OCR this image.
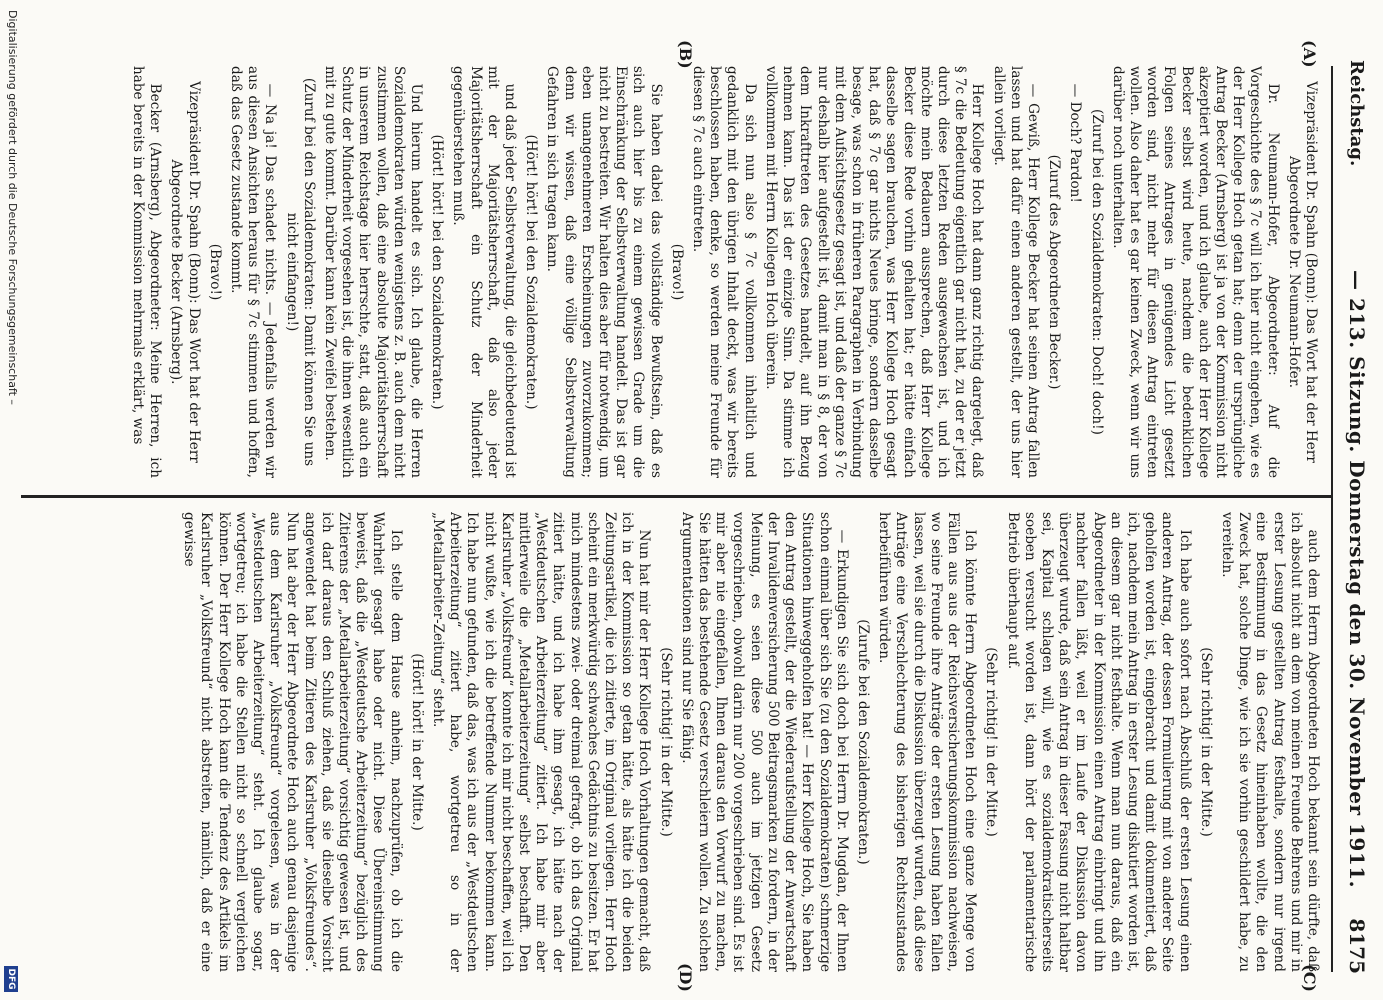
Reichstag.
— 213. Sitzung. Donnerstag den 30. November 1911.
8175
(A)
(B)
(C)
(D)

Vizepräsident Dr. Spahn (Bonn): Das Wort hat der Herr Abgeordnete Dr. Neumann-Hofer.

Dr. Neumann-Hofer, Abgeordneter: Auf die Vorgeschichte des § 7c will ich hier nicht eingehen, wie es der Herr Kollege Hoch getan hat; denn der ursprüngliche Antrag Becker (Arnsberg) ist ja von der Kommission nicht akzeptiert worden, und ich glaube, auch der Herr Kollege Becker selbst wird heute, nachdem die bedenklichen Folgen seines Antrages in genügendes Licht gesetzt worden sind, nicht mehr für diesen Antrag eintreten wollen. Also daher hat es gar keinen Zweck, wenn wir uns darüber noch unterhalten.

(Zuruf bei den Sozialdemokraten: Doch! doch!)

— Doch? Pardon!

(Zuruf des Abgeordneten Becker.)

— Gewiß, Herr Kollege Becker hat seinen Antrag fallen lassen und hat dafür einen anderen gestellt, der uns hier allein vorliegt.

Herr Kollege Hoch hat dann ganz richtig dargelegt, daß § 7c die Bedeutung eigentlich gar nicht hat, zu der er jetzt durch diese letzten Reden ausgewachsen ist, und ich möchte mein Bedauern aussprechen, daß Herr Kollege Becker diese Rede vorhin gehalten hat; er hätte einfach dasselbe sagen brauchen, was Herr Kollege Hoch gesagt hat, daß § 7c gar nichts Neues bringe, sondern dasselbe besage, was schon in früheren Paragraphen in Verbindung mit dem Aufsichtsgesetz gesagt ist, und daß der ganze § 7c nur deshalb hier aufgestellt ist, damit man in § 8, der von dem Inkrafttreten des Gesetzes handelt, auf ihn Bezug nehmen kann. Das ist der einzige Sinn. Da stimme ich vollkommen mit Herrn Kollegen Hoch überein.

Da sich nun also § 7c vollkommen inhaltlich und gedanklich mit den übrigen Inhalt deckt, was wir bereits beschlossen haben, denke, so werden meine Freunde für diesen § 7c auch eintreten.

(Bravo!)

Sie haben dabei das vollständige Bewußtsein, daß es sich auch hier bis zu einem gewissen Grade um die Einschränkung der Selbstverwaltung handelt. Das ist gar nicht zu bestreiten. Wir halten dies aber für notwendig, um eben unangenehmeren Erscheinungen zuvorzukommen; denn wir wissen, daß eine völlige Selbstverwaltung Gefahren in sich tragen kann.

(Hört! hört! bei den Sozialdemokraten.)

und daß jeder Selbstverwaltung, die gleichbedeutend ist mit der Majoritätsherrschaft, daß also jeder Majoritätsherrschaft ein Schutz der Minderheit gegenüberstehen muß.

(Hört! hört! bei den Sozialdemokraten.)

Und hierum handelt es sich. Ich glaube, die Herren Sozialdemokraten würden wenigstens z. B. auch dem nicht zustimmen wollen, daß eine absolute Majoritätsherrschaft in unserem Reichstage hier herrschte, statt, daß auch ein Schutz der Minderheit vorgesehen ist, die ihnen wesentlich mit zu gute kommt. Darüber kann kein Zweifel bestehen.

(Zuruf bei den Sozialdemokraten: Damit können Sie uns nicht einfangen!)

— Na ja! Das schadet nichts. — Jedenfalls werden wir aus diesen Ansichten heraus für § 7c stimmen und hoffen, daß das Gesetz zustande kommt.

(Bravo!)

Vizepräsident Dr. Spahn (Bonn): Das Wort hat der Herr Abgeordnete Becker (Arnsberg).

Becker (Arnsberg), Abgeordneter: Meine Herren, ich habe bereits in der Kommission mehrmals erklärt, was

auch dem Herrn Abgeordneten Hoch bekannt sein dürfte, daß ich absolut nicht an dem von meinen Freunde Behrens und mir in erster Lesung gestellten Antrag festhalte, sondern nur irgend eine Bestimmung in das Gesetz hineinhaben wollte, die den Zweck hat, solche Dinge, wie ich sie vorhin geschildert habe, zu vereiteln.

(Sehr richtig! in der Mitte.)

Ich habe auch sofort nach Abschluß der ersten Lesung einen anderen Antrag, der dessen Formulierung mit von anderer Seite geholfen worden ist, eingebracht und damit dokumentiert, daß ich, nachdem mein Antrag in erster Lesung diskutiert worden ist, an diesem gar nicht festhalte. Wenn man nun daraus, daß ein Abgeordneter in der Kommission einen Antrag einbringt und ihn nachher fallen läßt, weil er im Laufe der Diskussion davon überzeugt wurde, daß sein Antrag in dieser Fassung nicht haltbar sei, Kapital schlagen will, wie es sozialdemokratischerseits soeben versucht worden ist, dann hört der parlamentarische Betrieb überhaupt auf.

(Sehr richtig! in der Mitte.)

Ich könnte Herrn Abgeordneten Hoch eine ganze Menge von Fällen aus aus der Reichsversicherungskommission nachweisen, wo seine Freunde ihre Anträge der ersten Lesung haben fallen lassen, weil sie durch die Diskussion überzeugt wurden, daß diese Anträge eine Verschlechterung des bisherigen Rechtszustandes herbeiführen würden.

(Zurufe bei den Sozialdemokraten.)

— Erkundigen Sie sich doch bei Herrn Dr. Mugdan, der Ihnen schon einmal über sich Sie (zu den Sozialdemokraten) schmerzige Situationen hinweggeholfen hat! — Herr Kollege Hoch, Sie haben den Antrag gestellt, der die Wiederaufstellung der Anwartschaft der Invalidenversicherung 500 Beitragsmarken zu fordern, in der Meinung, es seien diese 500 auch im jetzigen Gesetz vorgeschrieben, obwohl darin nur 200 vorgeschrieben sind. Es ist mir aber nie eingefallen, Ihnen daraus den Vorwurf zu machen, Sie hätten das bestehende Gesetz verschleiern wollen. Zu solchen Argumentationen sind nur Sie fähig.

(Sehr richtig! in der Mitte.)

Nun hat mir der Herr Kollege Hoch Vorhaltungen gemacht, daß ich in der Kommission so getan hätte, als hätte ich die beiden Zeitungsartikel, die ich zitierte, im Original vorliegen. Herr Hoch scheint ein merkwürdig schwaches Gedächtnis zu besitzen. Er hat mich mindestens zwei- oder dreimal gefragt, ob ich das Original zitiert hätte, und ich habe ihm gesagt, ich hätte nach der „Westdeutschen Arbeiterzeitung“ zitiert. Ich habe mir aber mittlerweile die „Metallarbeiterzeitung“ selbst beschafft. Den Karlsruher „Volksfreund“ konnte ich mir nicht beschaffen, weil ich nicht wußte, wie ich die betreffende Nummer bekommen kann. Ich habe nun gefunden, daß das, was ich aus der „Westdeutschen Arbeiterzeitung“ zitiert habe, wortgetreu so in der „Metallarbeiter-Zeitung“ steht.

(Hört! hört! in der Mitte.)

Ich stelle dem Hause anheim, nachzuprüfen, ob ich die Wahrheit gesagt habe oder nicht. Diese Übereinstimmung beweist, daß die „Westdeutsche Arbeiterzeitung“ bezüglich des Zitierens der „Metallarbeiterzeitung“ vorsichtig gewesen ist, und ich darf daraus den Schluß ziehen, daß sie dieselbe Vorsicht angewendet hat beim Zitieren des Karlsruher „Volksfreundes“. Nun hat aber der Herr Abgeordnete Hoch auch genau dasjenige aus dem Karlsruher „Volksfreund“ vorgelesen, was in der „Westdeutschen Arbeiterzeitung“ steht. Ich glaube sogar, wortgetreu; ich habe die Stellen nicht so schnell vergleichen können. Der Herr Kollege Hoch kann die Tendenz des Artikels im Karlsruher „Volksfreund“ nicht abstreiten, nämlich, daß er eine gewisse

Digitalisierung gefördert durch die Deutsche Forschungsgemeinschaft –
DFG
